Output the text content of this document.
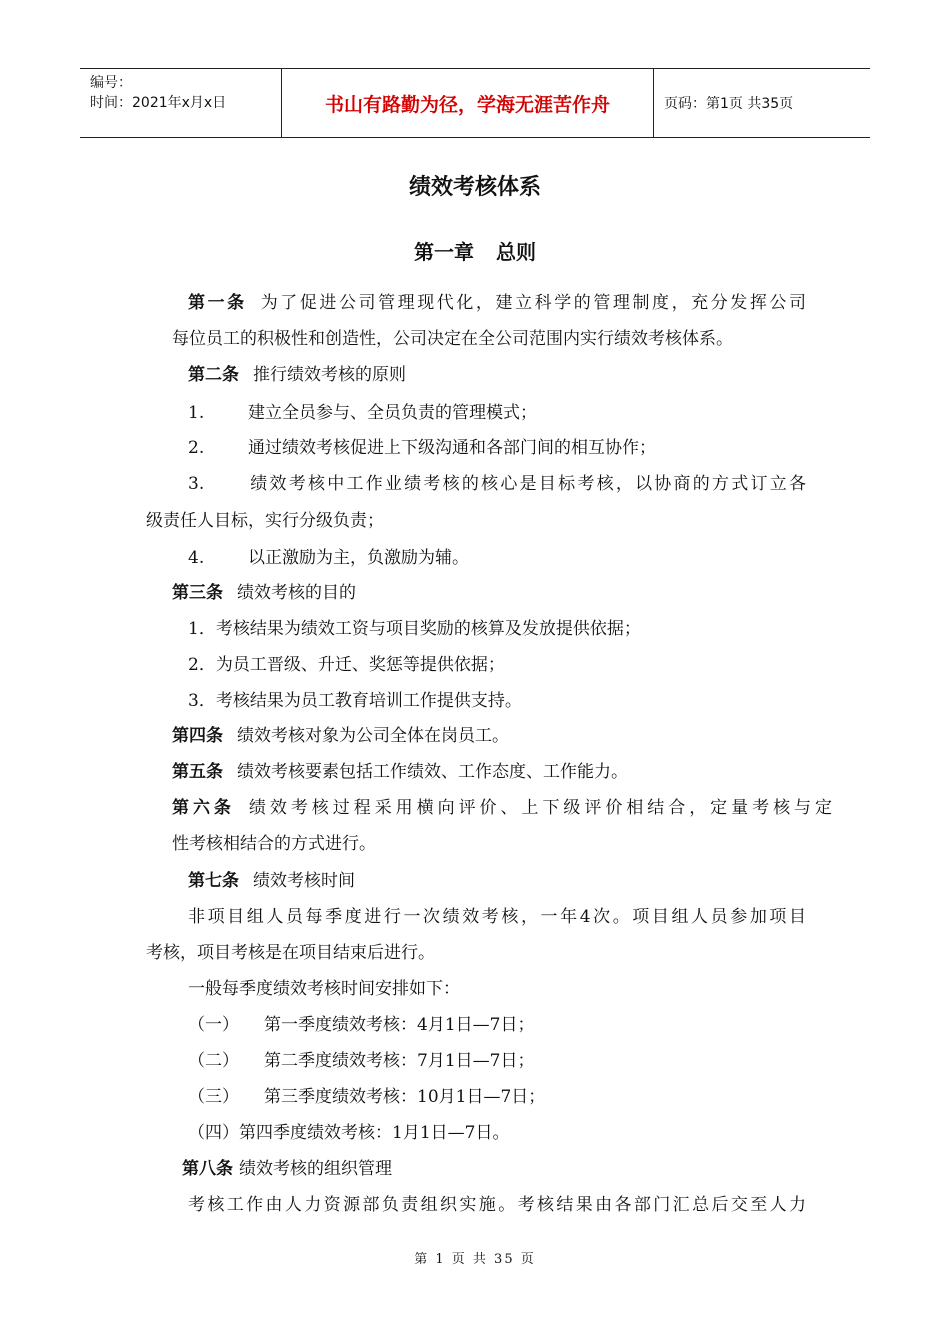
编号：
时间：2021年x月x日	书山有路勤为径，学海无涯苦作舟	页码：第1页 共35页
绩效考核体系
第一章 总则
第一条 为了促进公司管理现代化，建立科学的管理制度，充分发挥公司
每位员工的积极性和创造性，公司决定在全公司范围内实行绩效考核体系。
第二条 推行绩效考核的原则
1.	建立全员参与、全员负责的管理模式；
2.	通过绩效考核促进上下级沟通和各部门间的相互协作；
3.	绩效考核中工作业绩考核的核心是目标考核，以协商的方式订立各
级责任人目标，实行分级负责；
4.	以正激励为主，负激励为辅。
第三条 绩效考核的目的
1．考核结果为绩效工资与项目奖励的核算及发放提供依据；
2．为员工晋级、升迁、奖惩等提供依据；
3．考核结果为员工教育培训工作提供支持。
第四条 绩效考核对象为公司全体在岗员工。
第五条 绩效考核要素包括工作绩效、工作态度、工作能力。
第六条 绩效考核过程采用横向评价、上下级评价相结合，定量考核与定
性考核相结合的方式进行。
第七条 绩效考核时间
非项目组人员每季度进行一次绩效考核，一年4次。项目组人员参加项目
考核，项目考核是在项目结束后进行。
一般每季度绩效考核时间安排如下：
（一） 第一季度绩效考核：4月1日—7日；
（二） 第二季度绩效考核：7月1日—7日；
（三） 第三季度绩效考核：10月1日—7日；
（四）第四季度绩效考核：1月1日—7日。
第八条 绩效考核的组织管理
考核工作由人力资源部负责组织实施。考核结果由各部门汇总后交至人力
第 1 页 共 35 页
